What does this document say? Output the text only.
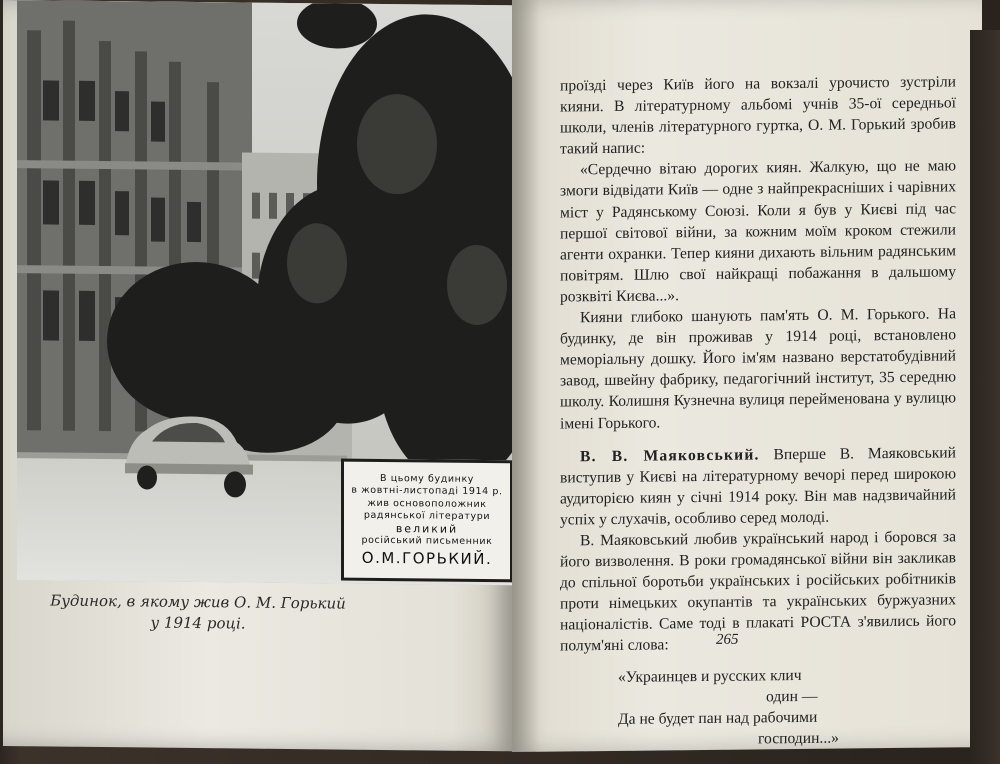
В цьому будинку
в жовтні-листопаді 1914 р.
жив основоположник
радянської літератури
великий
російський письменник
О.М.ГОРЬКИЙ.
Будинок, в якому жив О. М. Горький
у 1914 році.

проїзді через Київ його на вокзалі урочисто зустріли кияни. В літературному альбомі учнів 35-ої середньої школи, членів літературного гуртка, О. М. Горький зробив такий напис:

«Сердечно вітаю дорогих киян. Жалкую, що не маю змоги відвідати Київ — одне з найпрекрасніших і чарівних міст у Радянському Союзі. Коли я був у Києві під час першої світової війни, за кожним моїм кроком стежили агенти охранки. Тепер кияни дихають вільним радянським повітрям. Шлю свої найкращі побажання в дальшому розквіті Києва...».

Кияни глибоко шанують пам'ять О. М. Горького. На будинку, де він проживав у 1914 році, встановлено меморіальну дошку. Його ім'ям названо верстатобудівний завод, швейну фабрику, педагогічний інститут, 35 середню школу. Колишня Кузнечна вулиця перейменована у вулицю імені Горького.

В. В. Маяковський. Вперше В. Маяковський виступив у Києві на літературному вечорі перед широкою аудиторією киян у січні 1914 року. Він мав надзвичайний успіх у слухачів, особливо серед молоді.

В. Маяковський любив український народ і боровся за його визволення. В роки громадянської війни він закликав до спільної боротьби українських і російських робітників проти німецьких окупантів та українських буржуазних націоналістів. Саме тоді в плакаті РОСТА з'явились його полум'яні слова:

«Украинцев и русских клич
один —
Да не будет пан над рабочими
господин...»
265
